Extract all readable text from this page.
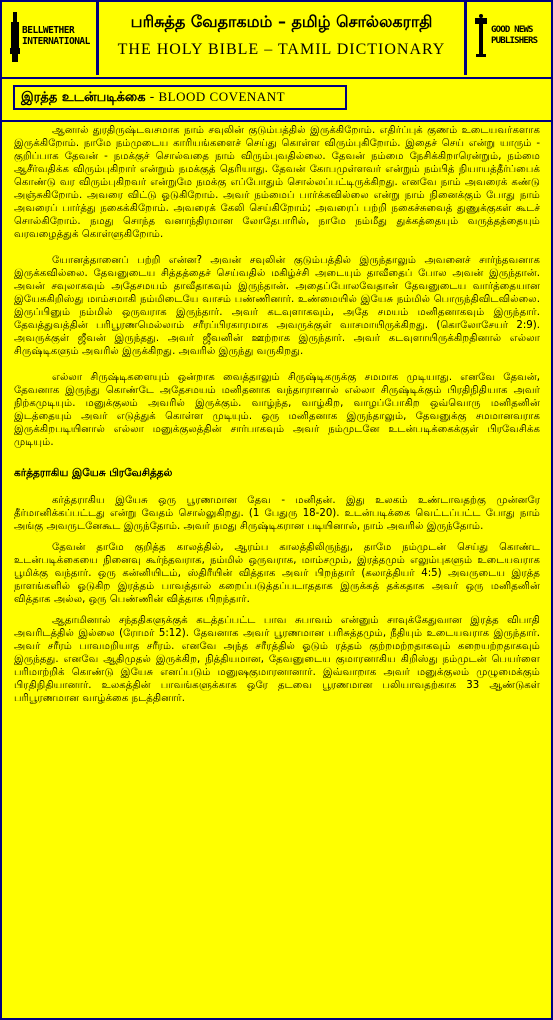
BELLWETHER
INTERNATIONAL
பரிசுத்த வேதாகமம் – தமிழ் சொல்லகராதி
THE HOLY BIBLE – TAMIL DICTIONARY
GOOD NEWS
PUBLISHERS
இரத்த உடன்படிக்கை - BLOOD COVENANT

ஆனால் துரதிருஷ்டவசமாக நாம் சவுலின் குடும்பத்தில் இருக்கிறோம். எதிர்ப்புக் குணம் உடையவர்களாக இருக்கிறோம். நாமே நம்முடைய காரியங்களைச் செய்து கொள்ள விரும்புகிறோம். இதைச் செய் என்று யாரும் - குறிப்பாக தேவன் - நமக்குச் சொல்வதை நாம் விரும்புவதில்லை. தேவன் நம்மை நேசிக்கிறாரென்றும், நம்மை ஆசீர்வதிக்க விரும்புகிறார் என்றும் நமக்குத் தெரியாது. தேவன் கோபமுள்ளவர் என்றும் நம்பித் நியாயத்தீர்ப்பைக் கொண்டு வர விரும்புகிறவர் என்றுமே நமக்கு எப்போதும் சொல்லப்பட்டிருக்கிறது. எனவே நாம் அவரைக் கண்டு அஞ்சுகிறோம். அவரை விட்டு ஓடுகிறோம். அவர் நம்மைப் பார்க்கவில்லை என்று நாம் நினைக்கும் போது நாம் அவரைப் பார்த்து நகைக்கிறோம். அவரைக் கேலி செய்கிறோம்; அவரைப் பற்றி நகைச்சுவைத் துணுக்குகள் கூடச் சொல்கிறோம். நமது சொந்த வனாந்திரமான லோதேபாரில், நாமே நம்மீது துக்கத்தையும் வருத்தத்தையும் வரவழைத்துக் கொள்ளுகிறோம்.

யோனத்தானைப் பற்றி என்ன? அவன் சவுலின் குடும்பத்தில் இருந்தாலும் அவனைச் சார்ந்தவனாக இருக்கவில்லை. தேவனுடைய சித்தத்தைச் செய்வதில் மகிழ்ச்சி அடையும் தாவீதைப் போல அவன் இருந்தான். அவன் சவுலாகவும் அதேசமயம் தாவீதாகவும் இருந்தான். அதைப்போலவேதான் தேவனுடைய வார்த்தையான இயேசுகிறிஸ்து மாம்சமாகி நம்மிடையே வாசம் பண்ணினார். உண்மையில் இயேசு நம்மில் பொருந்திவிடவில்லை. இருப்பினும் நம்மில் ஒருவராக இருந்தார். அவர் கடவுளாகவும், அதே சமயம் மனிதனாகவும் இருந்தார். தேவத்துவத்தின் பரிபூரணமெல்லாம் சரீரப்பிரகாரமாக அவருக்குள் வாசமாயிருக்கிறது. (கொலோசேயர் 2:9). அவருக்குள் ஜீவன் இருந்தது. அவர் ஜீவனின் ஊற்றாக இருந்தார். அவர் கடவுளாயிருக்கிறதினால் எல்லா சிருஷ்டிகளும் அவரில் இருக்கிறது. அவரில் இருந்து வருகிறது.

எல்லா சிருஷ்டிகளையும் ஒன்றாக வைத்தாலும் சிருஷ்டிகருக்கு சமமாக முடியாது. எனவே தேவன், தேவனாக இருந்து கொண்டே அதேசமயம் மனிதனாக வந்தாரானால் எல்லா சிருஷ்டிக்கும் பிரதிநிதியாக அவர் நிற்கமுடியும். மனுக்குலம் அவரில் இருக்கும். வாழ்ந்த, வாழ்கிற, வாழப்போகிற ஒவ்வொரு மனிதனின் இடத்தையும் அவர் எடுத்துக் கொள்ள முடியும். ஒரு மனிதனாக இருந்தாலும், தேவனுக்கு சமமானவராக இருக்கிறபடியினால் எல்லா மனுக்குலத்தின் சார்பாகவும் அவர் நம்முடனே உடன்படிக்கைக்குள் பிரவேசிக்க முடியும்.

கர்த்தராகிய இயேசு பிரவேசித்தல்

கர்த்தராகிய இயேசு ஒரு பூரணமான தேவ - மனிதன். இது உலகம் உண்டாவதற்கு முன்னரே தீர்மானிக்கப்பட்டது என்று வேதம் சொல்லுகிறது. (1 பேதுரு 18-20). உடன்படிக்கை வெட்டப்பட்ட போது நாம் அங்கு அவருடனேகூட இருந்தோம். அவர் நமது சிருஷ்டிகரான படியினால், நாம் அவரில் இருந்தோம்.

தேவன் தாமே குறித்த காலத்தில், ஆரம்ப காலத்திலிருந்து, தாமே நம்முடன் செய்து கொண்ட உடன்படிக்கையை நினைவு கூர்ந்தவராக, நம்மில் ஒருவராக, மாம்சமும், இரத்தமும் எலும்புகளும் உடையவராக பூமிக்கு வந்தார். ஒரு கன்னியிடம், ஸ்திரீயின் வித்தாக அவர் பிறந்தார் (கலாத்தியர் 4:5) அவருடைய இரத்த நாளங்களில் ஓடுகிற இரத்தம் பாவத்தால் கறைப்படுத்தப்படாததாக இருக்கத் தக்கதாக அவர் ஒரு மனிதனின் வித்தாக அல்ல, ஒரு பெண்ணின் வித்தாக பிறந்தார்.

ஆதாமினால் சந்ததிகளுக்குக் கடத்தப்பட்ட பாவ சுபாவம் என்னும் சாவுக்கேதுவான இரத்த விபாதி அவரிடத்தில் இல்லை (ரோமர் 5:12). தேவனாக அவர் பூரணமான பரிசுத்தமும், நீதியும் உடையவராக இருந்தார். அவர் சரீரம் பாவமறியாத சரீரம். எனவே அந்த சரீரத்தில் ஓடும் ரத்தம் குற்றமற்றதாகவும் கறையற்றதாகவும் இருந்தது. எனவே ஆதிமுதல் இருக்கிற, நித்தியமான, தேவனுடைய குமாரனாகிய கிறிஸ்து நம்முடன் பெயர்ளை பரிமாற்றிக் கொண்டு இயேசு எனப்படும் மனுஷகுமாரனானார். இவ்வாறாக அவர் மனுக்குலம் முழுமைக்கும் பிரதிநிதியானார். உலகத்தின் பாவங்களுக்காக ஒரே தடவை பூரணமான பலியாவதற்காக 33 ஆண்டுகள் பரிபூரணமான வாழ்க்கை நடத்தினார்.
